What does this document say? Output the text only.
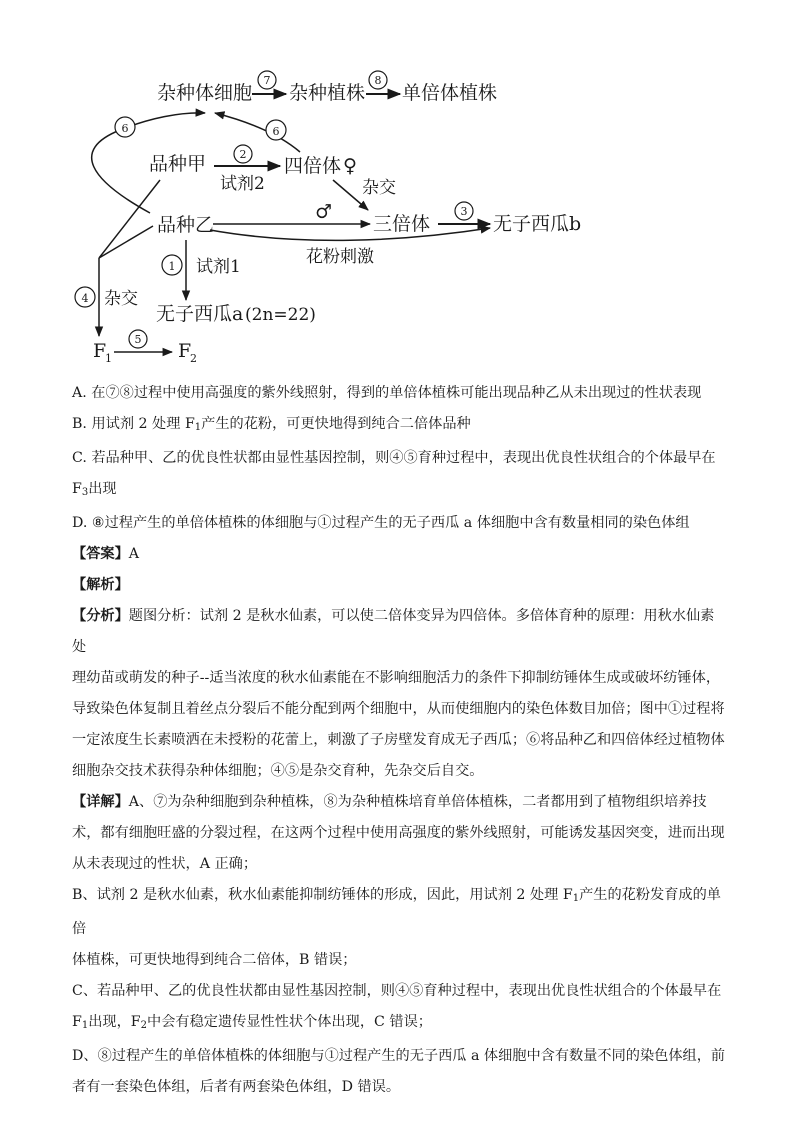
杂种体细胞
7
杂种植株
8
单倍体植株
6	6
品种甲	2
试剂2
四倍体 ♀
杂交
品种乙
♂
三倍体
3
无子西瓜b
花粉刺激
1 试剂1
无子西瓜a (2n=22)
4 杂交
F
1
5
F
2

A. 在⑦⑧过程中使用高强度的紫外线照射，得到的单倍体植株可能出现品种乙从未出现过的性状表现

B. 用试剂 2 处理 $F_1$产生的花粉，可更快地得到纯合二倍体品种

C. 若品种甲、乙的优良性状都由显性基因控制，则④⑤育种过程中，表现出优良性状组合的个体最早在

$F_3$出现

D. ⑧过程产生的单倍体植株的体细胞与①过程产生的无子西瓜 a 体细胞中含有数量相同的染色体组

【答案】A

【解析】

【分析】题图分析：试剂 2 是秋水仙素，可以使二倍体变异为四倍体。多倍体育种的原理：用秋水仙素处

理幼苗或萌发的种子--适当浓度的秋水仙素能在不影响细胞活力的条件下抑制纺锤体生成或破坏纺锤体，

导致染色体复制且着丝点分裂后不能分配到两个细胞中，从而使细胞内的染色体数目加倍；图中①过程将

一定浓度生长素喷洒在未授粉的花蕾上，刺激了子房壁发育成无子西瓜；⑥将品种乙和四倍体经过植物体

细胞杂交技术获得杂种体细胞；④⑤是杂交育种，先杂交后自交。

【详解】A、⑦为杂种细胞到杂种植株，⑧为杂种植株培育单倍体植株，二者都用到了植物组织培养技

术，都有细胞旺盛的分裂过程，在这两个过程中使用高强度的紫外线照射，可能诱发基因突变，进而出现

从未表现过的性状，A 正确；

B、试剂 2 是秋水仙素，秋水仙素能抑制纺锤体的形成，因此，用试剂 2 处理 $F_1$产生的花粉发育成的单倍

体植株，可更快地得到纯合二倍体，B 错误；

C、若品种甲、乙的优良性状都由显性基因控制，则④⑤育种过程中，表现出优良性状组合的个体最早在

$F_1$出现，$F_2$中会有稳定遗传显性性状个体出现，C 错误；

D、⑧过程产生的单倍体植株的体细胞与①过程产生的无子西瓜 a 体细胞中含有数量不同的染色体组，前

者有一套染色体组，后者有两套染色体组，D 错误。
